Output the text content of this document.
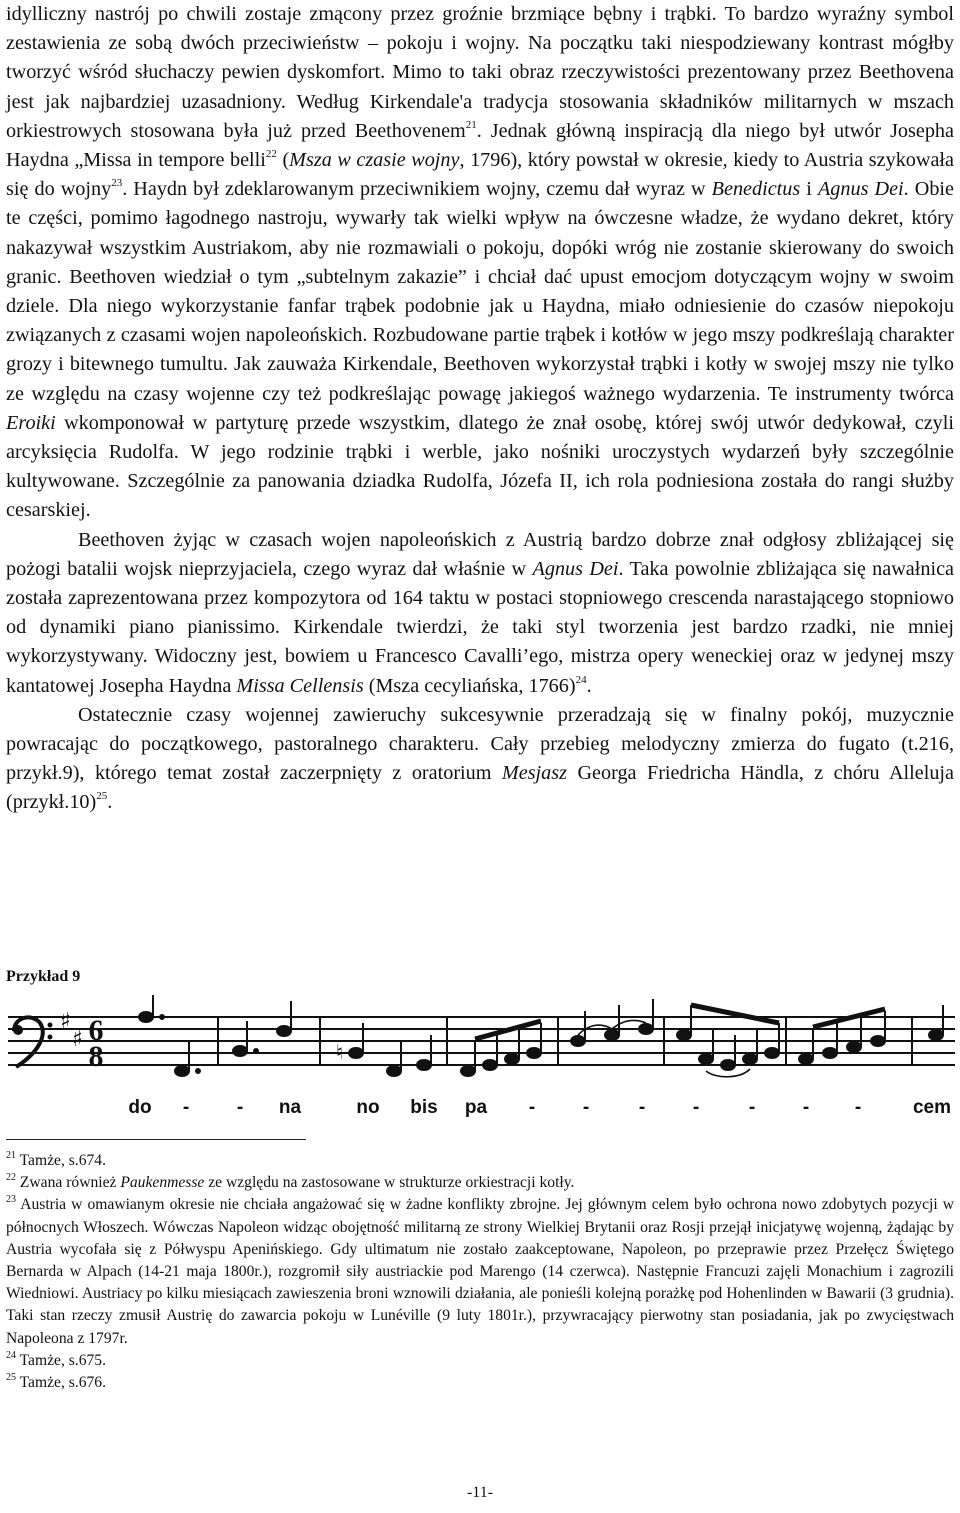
idylliczny nastrój po chwili zostaje zmącony przez groźnie brzmiące bębny i trąbki. To bardzo wyraźny symbol zestawienia ze sobą dwóch przeciwieństw – pokoju i wojny. Na początku taki niespodziewany kontrast mógłby tworzyć wśród słuchaczy pewien dyskomfort. Mimo to taki obraz rzeczywistości prezentowany przez Beethovena jest jak najbardziej uzasadniony. Według Kirkendale'a tradycja stosowania składników militarnych w mszach orkiestrowych stosowana była już przed Beethovenem$^{21}$. Jednak główną inspiracją dla niego był utwór Josepha Haydna „Missa in tempore belli$^{22}$ (Msza w czasie wojny, 1796), który powstał w okresie, kiedy to Austria szykowała się do wojny$^{23}$. Haydn był zdeklarowanym przeciwnikiem wojny, czemu dał wyraz w Benedictus i Agnus Dei. Obie te części, pomimo łagodnego nastroju, wywarły tak wielki wpływ na ówczesne władze, że wydano dekret, który nakazywał wszystkim Austriakom, aby nie rozmawiali o pokoju, dopóki wróg nie zostanie skierowany do swoich granic. Beethoven wiedział o tym „subtelnym zakazie” i chciał dać upust emocjom dotyczącym wojny w swoim dziele. Dla niego wykorzystanie fanfar trąbek podobnie jak u Haydna, miało odniesienie do czasów niepokoju związanych z czasami wojen napoleońskich. Rozbudowane partie trąbek i kotłów w jego mszy podkreślają charakter grozy i bitewnego tumultu. Jak zauważa Kirkendale, Beethoven wykorzystał trąbki i kotły w swojej mszy nie tylko ze względu na czasy wojenne czy też podkreślając powagę jakiegoś ważnego wydarzenia. Te instrumenty twórca Eroiki wkomponował w partyturę przede wszystkim, dlatego że znał osobę, której swój utwór dedykował, czyli arcyksięcia Rudolfa. W jego rodzinie trąbki i werble, jako nośniki uroczystych wydarzeń były szczególnie kultywowane. Szczególnie za panowania dziadka Rudolfa, Józefa II, ich rola podniesiona została do rangi służby cesarskiej.

Beethoven żyjąc w czasach wojen napoleońskich z Austrią bardzo dobrze znał odgłosy zbliżającej się pożogi batalii wojsk nieprzyjaciela, czego wyraz dał właśnie w Agnus Dei. Taka powolnie zbliżająca się nawałnica została zaprezentowana przez kompozytora od 164 taktu w postaci stopniowego crescenda narastającego stopniowo od dynamiki piano pianissimo. Kirkendale twierdzi, że taki styl tworzenia jest bardzo rzadki, nie mniej wykorzystywany. Widoczny jest, bowiem u Francesco Cavalli’ego, mistrza opery weneckiej oraz w jedynej mszy kantatowej Josepha Haydna Missa Cellensis (Msza cecyliańska, 1766)$^{24}$.

Ostatecznie czasy wojennej zawieruchy sukcesywnie przeradzają się w finalny pokój, muzycznie powracając do początkowego, pastoralnego charakteru. Cały przebieg melodyczny zmierza do fugato (t.216, przykł.9), którego temat został zaczerpnięty z oratorium Mesjasz Georga Friedricha Händla, z chóru Alleluja (przykł.10)$^{25}$.

Przykład 9
♯
♯ 6
8	♮
do -	- na	no bis pa -	-	-	-	-	- -	cem

$^{21}$ Tamże, s.674.

$^{22}$ Zwana również Paukenmesse ze względu na zastosowane w strukturze orkiestracji kotły.

$^{23}$ Austria w omawianym okresie nie chciała angażować się w żadne konflikty zbrojne. Jej głównym celem było ochrona nowo zdobytych pozycji w północnych Włoszech. Wówczas Napoleon widząc obojętność militarną ze strony Wielkiej Brytanii oraz Rosji przejął inicjatywę wojenną, żądając by Austria wycofała się z Półwyspu Apenińskiego. Gdy ultimatum nie zostało zaakceptowane, Napoleon, po przeprawie przez Przełęcz Świętego Bernarda w Alpach (14-21 maja 1800r.), rozgromił siły austriackie pod Marengo (14 czerwca). Następnie Francuzi zajęli Monachium i zagrozili Wiedniowi. Austriacy po kilku miesiącach zawieszenia broni wznowili działania, ale ponieśli kolejną porażkę pod Hohenlinden w Bawarii (3 grudnia). Taki stan rzeczy zmusił Austrię do zawarcia pokoju w Lunéville (9 luty 1801r.), przywracający pierwotny stan posiadania, jak po zwycięstwach Napoleona z 1797r.

$^{24}$ Tamże, s.675.

$^{25}$ Tamże, s.676.

-11-
